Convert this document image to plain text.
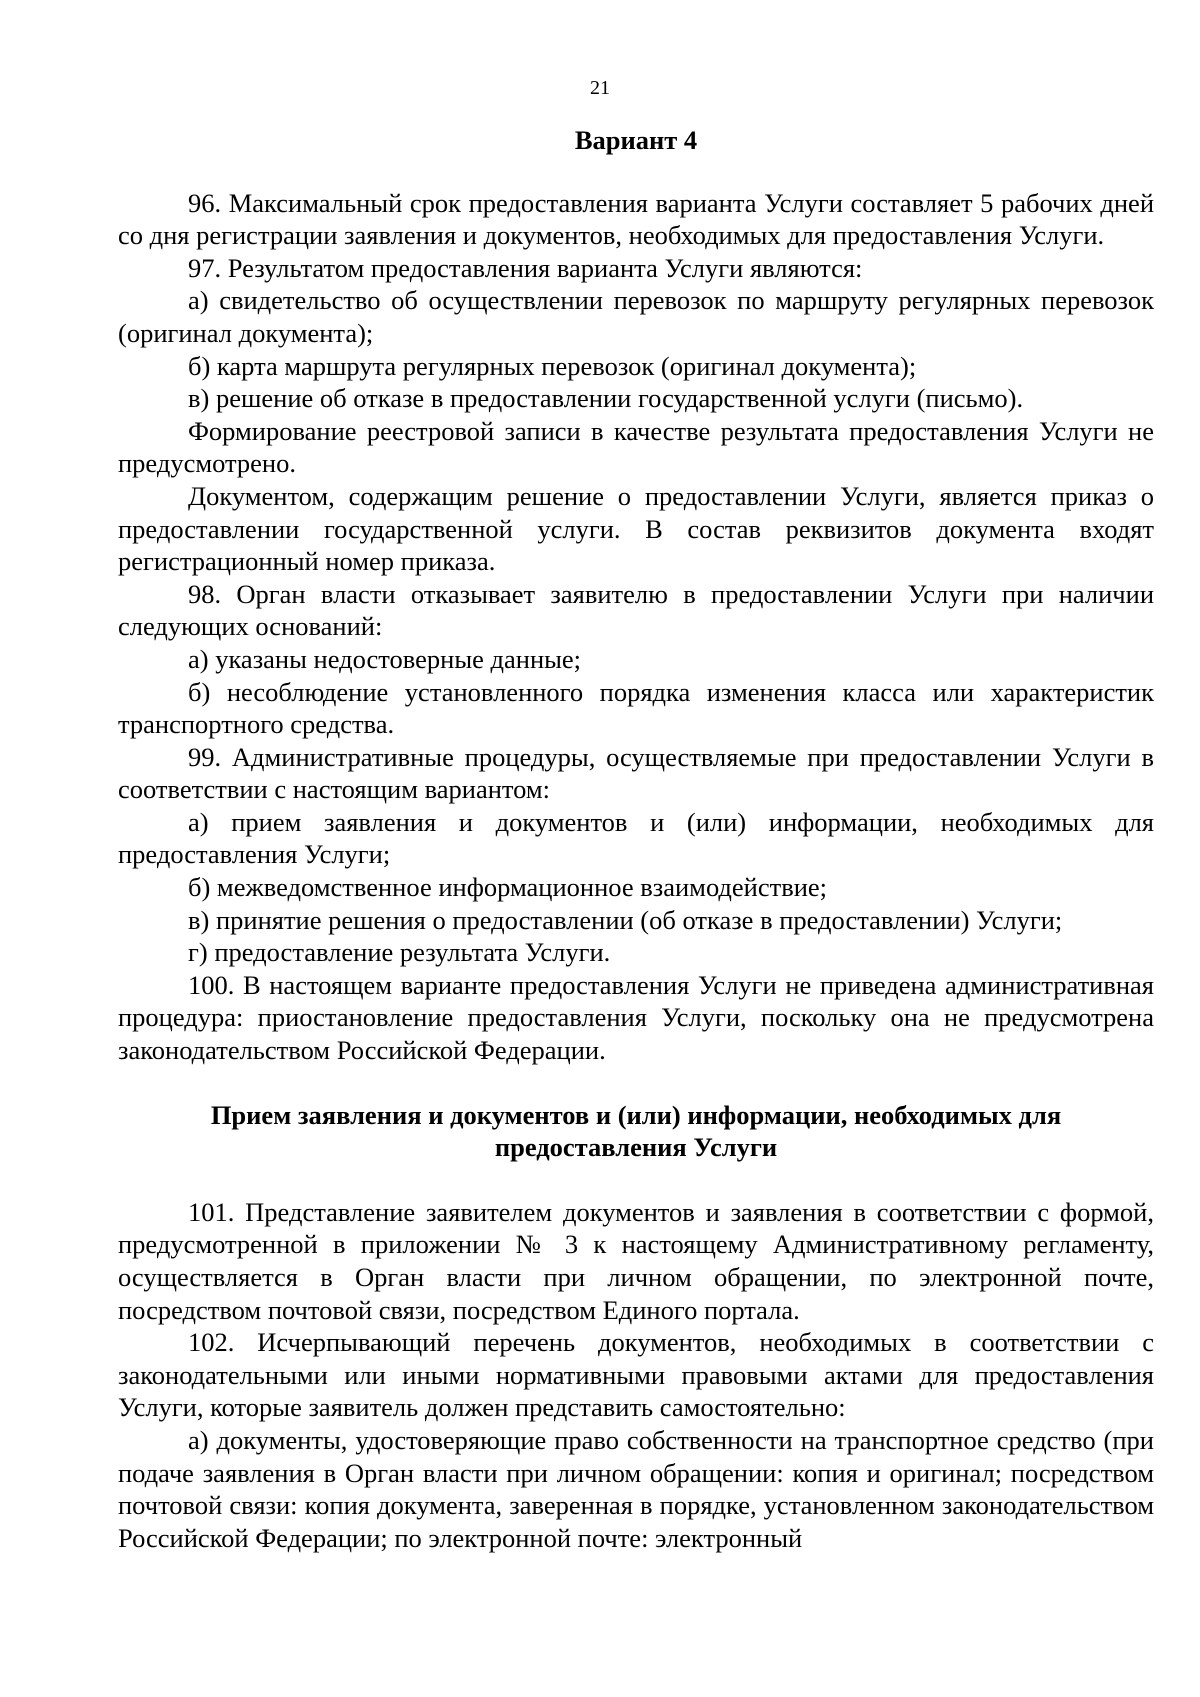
21

Вариант 4

96. Максимальный срок предоставления варианта Услуги составляет 5 рабочих дней со дня регистрации заявления и документов, необходимых для предоставления Услуги.

97. Результатом предоставления варианта Услуги являются:

а) свидетельство об осуществлении перевозок по маршруту регулярных перевозок (оригинал документа);

б) карта маршрута регулярных перевозок (оригинал документа);

в) решение об отказе в предоставлении государственной услуги (письмо).

Формирование реестровой записи в качестве результата предоставления Услуги не предусмотрено.

Документом, содержащим решение о предоставлении Услуги, является приказ о предоставлении государственной услуги. В состав реквизитов документа входят регистрационный номер приказа.

98. Орган власти отказывает заявителю в предоставлении Услуги при наличии следующих оснований:

а) указаны недостоверные данные;

б) несоблюдение установленного порядка изменения класса или характеристик транспортного средства.

99. Административные процедуры, осуществляемые при предоставлении Услуги в соответствии с настоящим вариантом:

а) прием заявления и документов и (или) информации, необходимых для предоставления Услуги;

б) межведомственное информационное взаимодействие;

в) принятие решения о предоставлении (об отказе в предоставлении) Услуги;

г) предоставление результата Услуги.

100. В настоящем варианте предоставления Услуги не приведена административная процедура: приостановление предоставления Услуги, поскольку она не предусмотрена законодательством Российской Федерации.

Прием заявления и документов и (или) информации, необходимых для предоставления Услуги

101. Представление заявителем документов и заявления в соответствии с формой, предусмотренной в приложении № 3 к настоящему Административному регламенту, осуществляется в Орган власти при личном обращении, по электронной почте, посредством почтовой связи, посредством Единого портала.

102. Исчерпывающий перечень документов, необходимых в соответствии с законодательными или иными нормативными правовыми актами для предоставления Услуги, которые заявитель должен представить самостоятельно:

а) документы, удостоверяющие право собственности на транспортное средство (при подаче заявления в Орган власти при личном обращении: копия и оригинал; посредством почтовой связи: копия документа, заверенная в порядке, установленном законодательством Российской Федерации; по электронной почте: электронный
